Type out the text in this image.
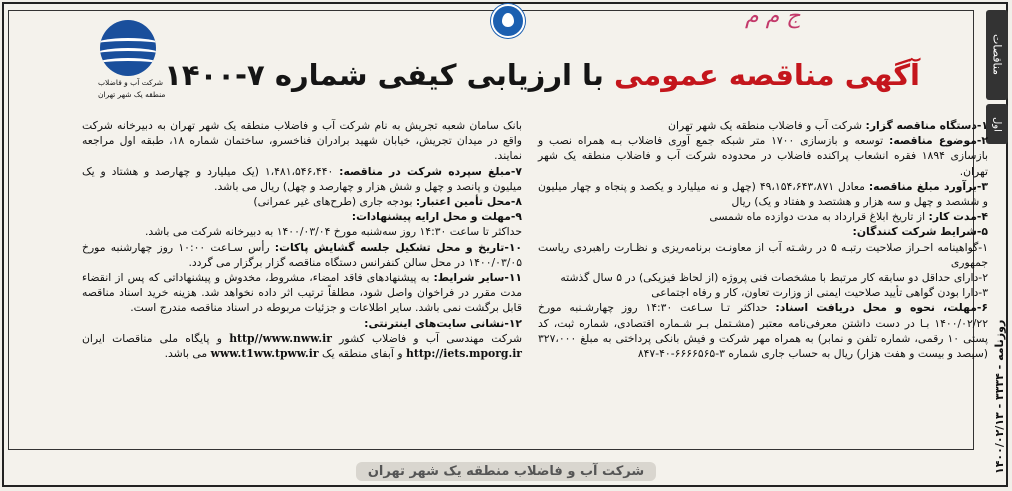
مناقصات
اول
روزنامه - ۳۳۳۴ - ۱۴۰۰/۰۲/۱۳
ج م م
شرکت آب و فاضلاب
منطقه یک شهر تهران
آگهی مناقصه عمومی با ارزیابی کیفی شماره ۷-۱۴۰۰

۱-دستگاه مناقصه گزار: شرکت آب و فاضلاب منطقه یک شهر تهران

۲-موضوع مناقصه: توسعه و بازسازی ۱۷۰۰ متر شبکه جمع آوری فاضلاب بـه همراه نصب و بازسازی ۱۸۹۴ فقره انشعاب پراکنده فاضلاب در محدوده شرکت آب و فاضلاب منطقه یک شهر تهران.

۳-برآورد مبلغ مناقصه: معادل ۴۹،۱۵۴،۶۴۳،۸۷۱ (چهل و نه میلیارد و یکصد و پنجاه و چهار میلیون و ششصد و چهل و سه هزار و هشتصد و هفتاد و یک) ریال

۴-مدت کار: از تاریخ ابلاغ قرارداد به مدت دوازده ماه شمسی

۵-شرایط شرکت کنندگان:

۱-گواهینامه احـراز صلاحیت رتبـه ۵ در رشـته آب از معاونـت برنامه‌ریزی و نظـارت راهبردی ریاست جمهوری

۲-دارای حداقل دو سابقه کار مرتبط با مشخصات فنی پروژه (از لحاظ فیزیکی) در ۵ سال گذشته

۳-دارا بودن گواهی تأیید صلاحیت ایمنی از وزارت تعاون، کار و رفاه اجتماعی

۶-مهلت، نحوه و محل دریافت اسناد: حداکثر تـا سـاعت ۱۴:۳۰ روز چهارشـنبه مورخ ۱۴۰۰/۰۲/۲۲ بـا در دست داشتن معرفی‌نامه معتبر (مشـتمل بـر شـماره اقتصادی، شماره ثبت، کد پستی ۱۰ رقمی، شماره تلفن و نمابر) به همراه مهر شرکت و فیش بانکی پرداختی به مبلغ ۳۲۷،۰۰۰ (سیصد و بیست و هفت هزار) ریال به حساب جاری شماره ۳-۶۶۶۶۵۶۵-۴۰-۸۴۷

بانک سامان شعبه تجریش به نام شرکت آب و فاضلاب منطقه یک شهر تهران به دبیرخانه شرکت واقع در میدان تجریش، خیابان شهید برادران فناخسرو، ساختمان شماره ۱۸، طبقه اول مراجعه نمایند.

۷-مبلغ سپرده شرکت در مناقصه: ۱،۴۸۱،۵۴۶،۴۴۰ (یک میلیارد و چهارصد و هشتاد و یک میلیون و پانصد و چهل و شش هزار و چهارصد و چهل) ریال می باشد.

۸-محل تأمین اعتبار: بودجه جاری (طرح‌های غیر عمرانی)

۹-مهلت و محل ارایه پیشنهادات:

حداکثر تا ساعت ۱۴:۳۰ روز سه‌شنبه مورخ ۱۴۰۰/۰۳/۰۴ به دبیرخانه شرکت می باشد.

۱۰-تاریخ و محل تشکیل جلسه گشایش پاکات: رأس سـاعت ۱۰:۰۰ روز چهارشنبه مورخ ۱۴۰۰/۰۳/۰۵ در محل سالن کنفرانس دستگاه مناقصه گزار برگزار می گردد.

۱۱-سایر شرایط: به پیشنهادهای فاقد امضاء، مشروط، مخدوش و پیشنهاداتی که پس از انقضاء مدت مقرر در فراخوان واصل شود، مطلقاً ترتیب اثر داده نخواهد شد. هزینه خرید اسناد مناقصه قابل برگشت نمی باشد. سایر اطلاعات و جزئیات مربوطه در اسناد مناقصه مندرج است.

۱۲-نشانی سایت‌های اینترنتی:

شرکت مهندسی آب و فاضلاب کشور http//www.nww.ir و پایگاه ملی مناقصات ایران http://iets.mporg.ir و آبفای منطقه یک www.t1ww.tpww.ir می باشد.

شرکت آب و فاضلاب منطقه یک شهر تهران
